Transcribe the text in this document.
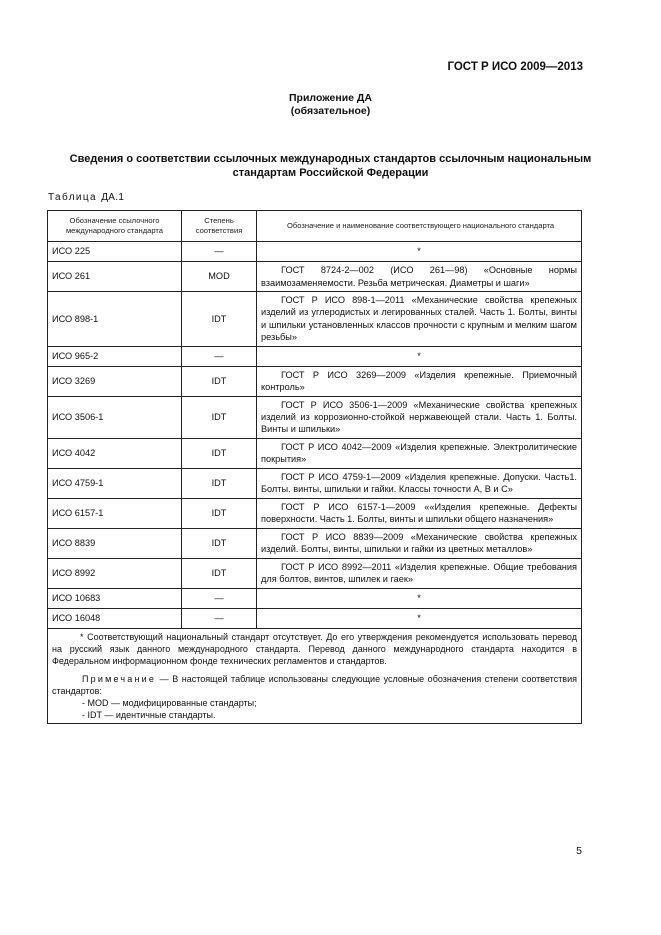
ГОСТ Р ИСО 2009—2013
Приложение ДА
(обязательное)
Сведения о соответствии ссылочных международных стандартов ссылочным национальным стандартам Российской Федерации
Таблица ДА.1
Обозначение ссылочного международного стандарта	Степень соответствия	Обозначение и наименование соответствующего национального стандарта
ИСО 225	—	*
ИСО 261	MOD	ГОСТ 8724-2—002 (ИСО 261—98) «Основные нормы взаимозаменяемости. Резьба метрическая. Диаметры и шаги»
ИСО 898-1	IDT	ГОСТ Р ИСО 898-1—2011 «Механические свойства крепежных изделий из углеродистых и легированных сталей. Часть 1. Болты, винты и шпильки установленных классов прочности с крупным и мелким шагом резьбы»
ИСО 965-2	—	*
ИСО 3269	IDT	ГОСТ Р ИСО 3269—2009 «Изделия крепежные. Приемочный контроль»
ИСО 3506-1	IDT	ГОСТ Р ИСО 3506-1—2009 «Механические свойства крепежных изделий из коррозионно-стойкой нержавеющей стали. Часть 1. Болты. Винты и шпильки»
ИСО 4042	IDT	ГОСТ Р ИСО 4042—2009 «Изделия крепежные. Электролитические покрытия»
ИСО 4759-1	IDT	ГОСТ Р ИСО 4759-1—2009 «Изделия крепежные. Допуски. Часть1. Болты. винты, шпильки и гайки. Классы точности А, В и С»
ИСО 6157-1	IDT	ГОСТ Р ИСО 6157-1—2009 ««Изделия крепежные. Дефекты поверхности. Часть 1. Болты, винты и шпильки общего назначения»
ИСО 8839	IDT	ГОСТ Р ИСО 8839—2009 «Механические свойства крепежных изделий. Болты, винты, шпильки и гайки из цветных металлов»
ИСО 8992	IDT	ГОСТ Р ИСО 8992—2011 «Изделия крепежные. Общие требования для болтов, винтов, шпилек и гаек»
ИСО 10683	—	*
ИСО 16048	—	*

* Соответствующий национальный стандарт отсутствует. До его утверждения рекомендуется использовать перевод на русский язык данного международного стандарта. Перевод данного международного стандарта находится в Федеральном информационном фонде технических регламентов и стандартов.

Примечание — В настоящей таблице использованы следующие условные обозначения степени соответствия стандартов:

- MOD — модифицированные стандарты;

- IDT — идентичные стандарты.		

5
